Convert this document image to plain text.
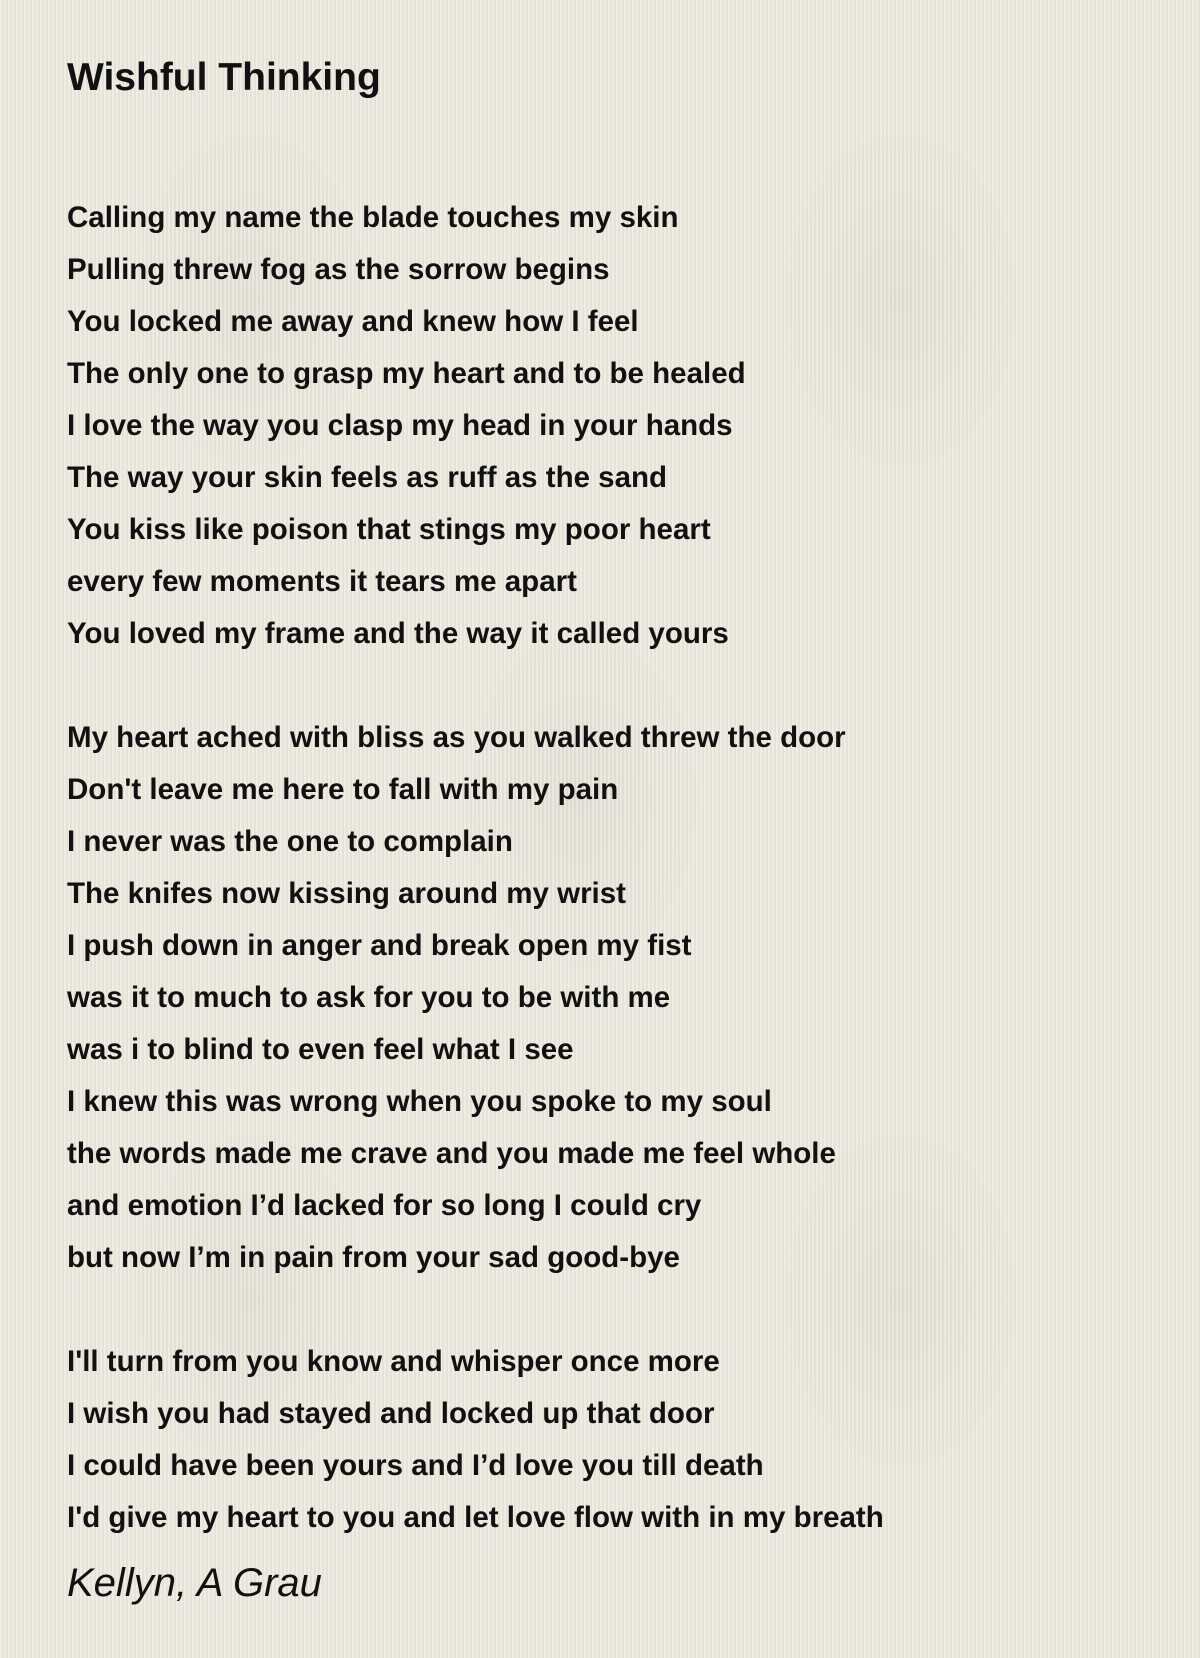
Wishful Thinking
Calling my name the blade touches my skin
Pulling threw fog as the sorrow begins
You locked me away and knew how I feel
The only one to grasp my heart and to be healed
I love the way you clasp my head in your hands
The way your skin feels as ruff as the sand
You kiss like poison that stings my poor heart
every few moments it tears me apart
You loved my frame and the way it called yours
My heart ached with bliss as you walked threw the door
Don't leave me here to fall with my pain
I never was the one to complain
The knifes now kissing around my wrist
I push down in anger and break open my fist
was it to much to ask for you to be with me
was i to blind to even feel what I see
I knew this was wrong when you spoke to my soul
the words made me crave and you made me feel whole
and emotion I’d lacked for so long I could cry
but now I’m in pain from your sad good-bye
I'll turn from you know and whisper once more
I wish you had stayed and locked up that door
I could have been yours and I’d love you till death
I'd give my heart to you and let love flow with in my breath
Kellyn, A Grau
